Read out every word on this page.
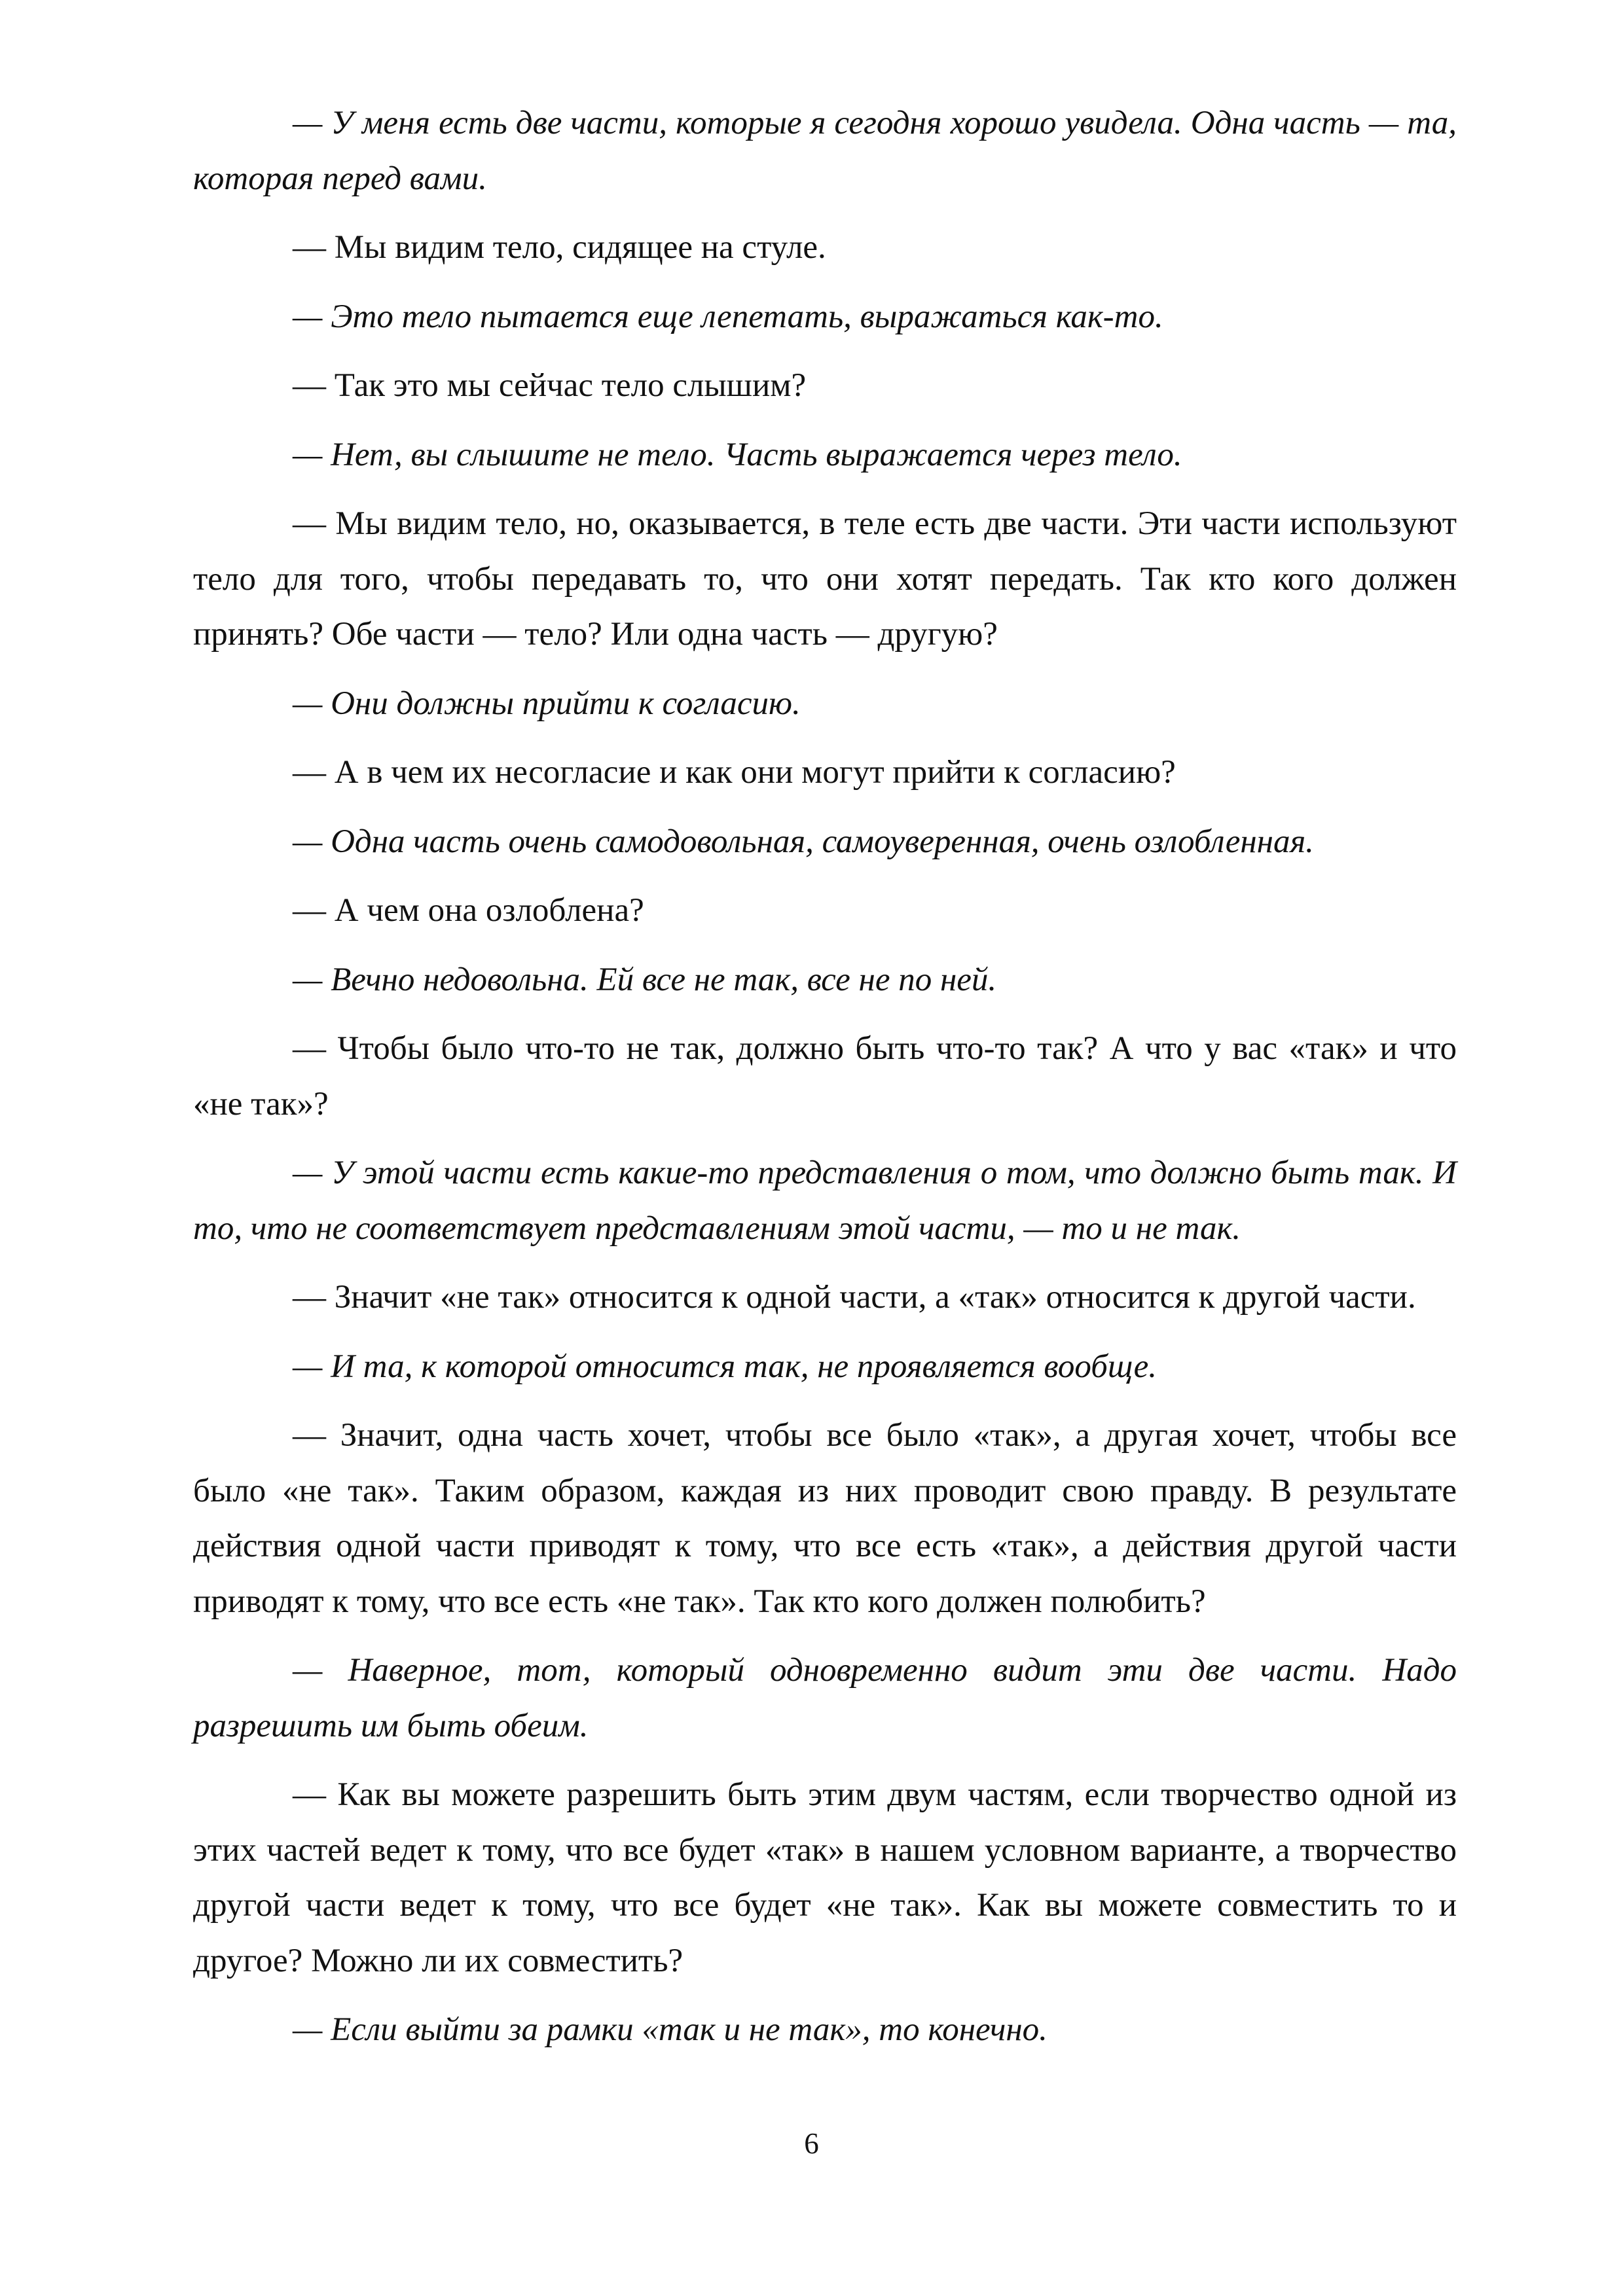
— У меня есть две части, которые я сегодня хорошо увидела. Одна часть — та, которая перед вами.

— Мы видим тело, сидящее на стуле.

— Это тело пытается еще лепетать, выражаться как-то.

— Так это мы сейчас тело слышим?

— Нет, вы слышите не тело. Часть выражается через тело.

— Мы видим тело, но, оказывается, в теле есть две части. Эти части используют тело для того, чтобы передавать то, что они хотят передать. Так кто кого должен принять? Обе части — тело? Или одна часть — другую?

— Они должны прийти к согласию.

— А в чем их несогласие и как они могут прийти к согласию?

— Одна часть очень самодовольная, самоуверенная, очень озлобленная.

— А чем она озлоблена?

— Вечно недовольна. Ей все не так, все не по ней.

— Чтобы было что-то не так, должно быть что-то так? А что у вас «так» и что «не так»?

— У этой части есть какие-то представления о том, что должно быть так. И то, что не соответствует представлениям этой части, — то и не так.

— Значит «не так» относится к одной части, а «так» относится к другой части.

— И та, к которой относится так, не проявляется вообще.

— Значит, одна часть хочет, чтобы все было «так», а другая хочет, чтобы все было «не так». Таким образом, каждая из них проводит свою правду. В результате действия одной части приводят к тому, что все есть «так», а действия другой части приводят к тому, что все есть «не так». Так кто кого должен полюбить?

— Наверное, тот, который одновременно видит эти две части. Надо разрешить им быть обеим.

— Как вы можете разрешить быть этим двум частям, если творчество одной из этих частей ведет к тому, что все будет «так» в нашем условном варианте, а творчество другой части ведет к тому, что все будет «не так». Как вы можете совместить то и другое? Можно ли их совместить?

— Если выйти за рамки «так и не так», то конечно.

6
